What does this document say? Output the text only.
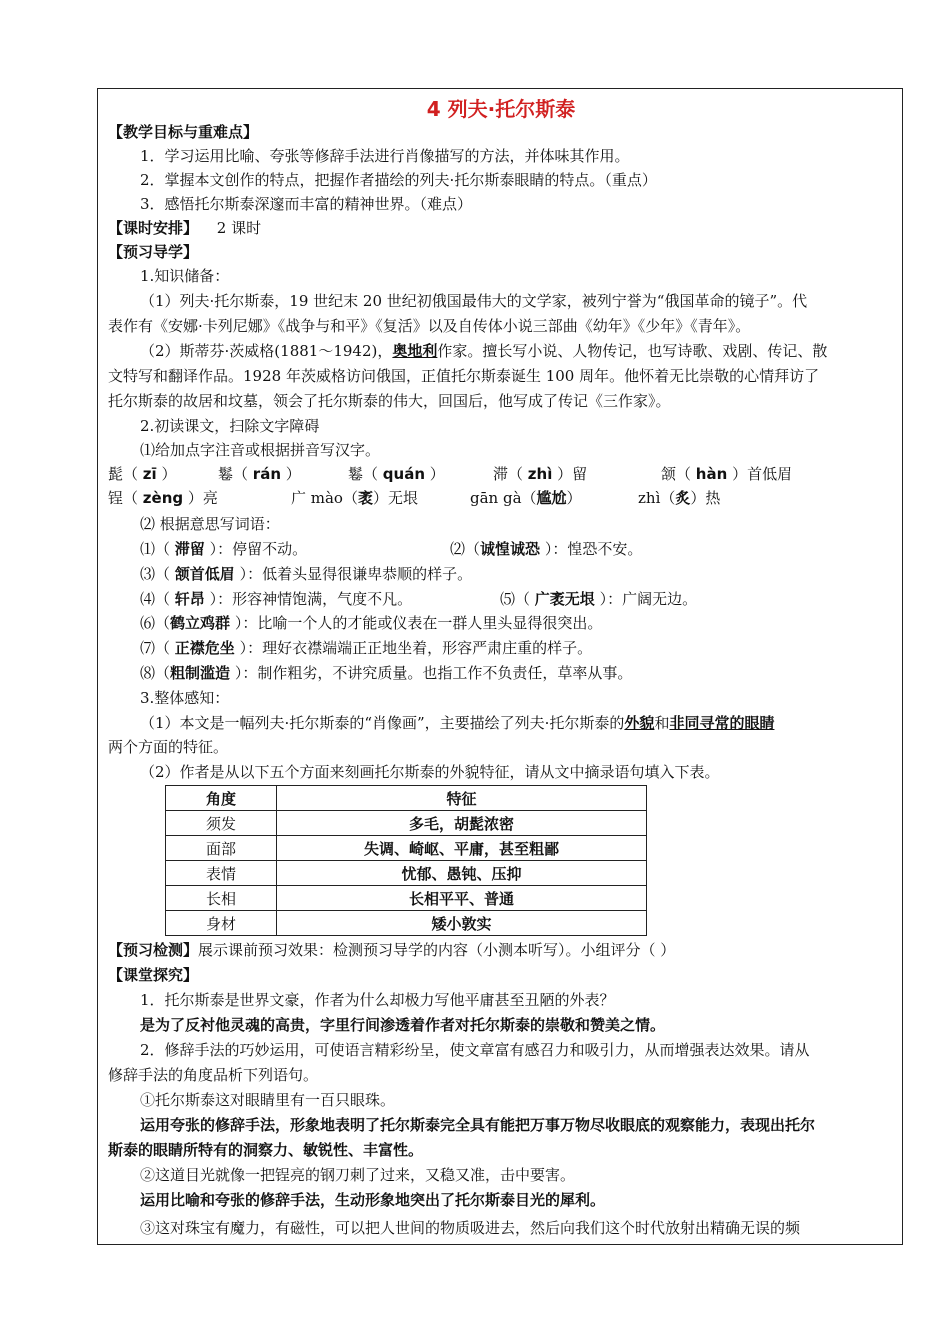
4 列夫·托尔斯泰
【教学目标与重难点】
1．学习运用比喻、夸张等修辞手法进行肖像描写的方法，并体味其作用。
2．掌握本文创作的特点，把握作者描绘的列夫·托尔斯泰眼睛的特点。（重点）
3．感悟托尔斯泰深邃而丰富的精神世界。（难点）
【课时安排】 2 课时
【预习导学】
1.知识储备：
（1）列夫·托尔斯泰，19 世纪末 20 世纪初俄国最伟大的文学家，被列宁誉为“俄国革命的镜子”。代
表作有《安娜·卡列尼娜》《战争与和平》《复活》以及自传体小说三部曲《幼年》《少年》《青年》。
（2）斯蒂芬·茨威格(1881～1942)，奥地利作家。擅长写小说、人物传记，也写诗歌、戏剧、传记、散
文特写和翻译作品。1928 年茨威格访问俄国，正值托尔斯泰诞生 100 周年。他怀着无比崇敬的心情拜访了
托尔斯泰的故居和坟墓，领会了托尔斯泰的伟大，回国后，他写成了传记《三作家》。
2.初读课文，扫除文字障碍
⑴给加点字注音或根据拼音写汉字。
髭（ zī ）	鬈（ rán ）	鬈（ quán ）	滞（ zhì ）留	颔（ hàn ）首低眉
锃（ zèng ）亮	广 mào（袤）无垠	gān gà（尴尬）	zhì（炙）热
⑵ 根据意思写词语：
⑴（ 滞留 ）：停留不动。	⑵（诚惶诚恐 ）：惶恐不安。
⑶（ 颔首低眉 ）：低着头显得很谦卑恭顺的样子。
⑷（ 轩昂 ）：形容神情饱满，气度不凡。	⑸（ 广袤无垠 ）：广阔无边。
⑹（鹤立鸡群 ）：比喻一个人的才能或仪表在一群人里头显得很突出。
⑺（ 正襟危坐 ）：理好衣襟端端正正地坐着，形容严肃庄重的样子。
⑻（粗制滥造 ）：制作粗劣，不讲究质量。也指工作不负责任，草率从事。
3.整体感知：
（1）本文是一幅列夫·托尔斯泰的“肖像画”，主要描绘了列夫·托尔斯泰的外貌和非同寻常的眼睛
两个方面的特征。
（2）作者是从以下五个方面来刻画托尔斯泰的外貌特征，请从文中摘录语句填入下表。
角度	特征
须发	多毛，胡髭浓密
面部	失调、崎岖、平庸，甚至粗鄙
表情	忧郁、愚钝、压抑
长相	长相平平、普通
身材	矮小敦实
【预习检测】展示课前预习效果：检测预习导学的内容（小测本听写）。小组评分（ ）
【课堂探究】
1．托尔斯泰是世界文豪，作者为什么却极力写他平庸甚至丑陋的外表？
是为了反衬他灵魂的高贵，字里行间渗透着作者对托尔斯泰的崇敬和赞美之情。
2．修辞手法的巧妙运用，可使语言精彩纷呈，使文章富有感召力和吸引力，从而增强表达效果。请从
修辞手法的角度品析下列语句。
①托尔斯泰这对眼睛里有一百只眼珠。
运用夸张的修辞手法，形象地表明了托尔斯泰完全具有能把万事万物尽收眼底的观察能力，表现出托尔
斯泰的眼睛所特有的洞察力、敏锐性、丰富性。
②这道目光就像一把锃亮的钢刀刺了过来，又稳又准，击中要害。
运用比喻和夸张的修辞手法，生动形象地突出了托尔斯泰目光的犀利。
③这对珠宝有魔力，有磁性，可以把人世间的物质吸进去，然后向我们这个时代放射出精确无误的频
